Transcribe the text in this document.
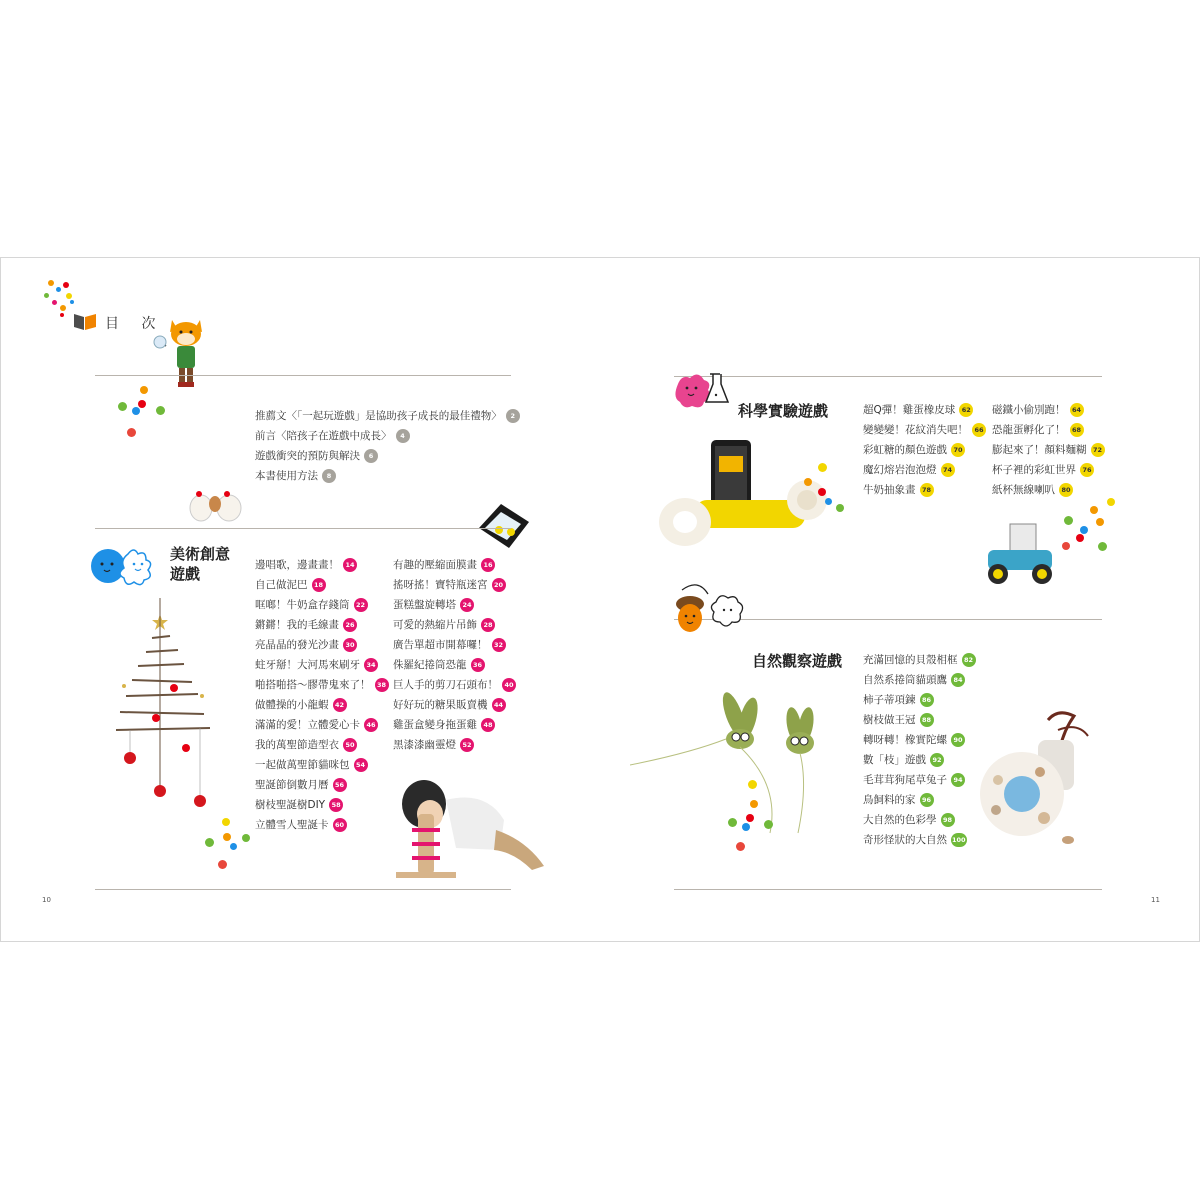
目 次
推薦文〈「一起玩遊戲」是協助孩子成長的最佳禮物〉	2
前言〈陪孩子在遊戲中成長〉	4
遊戲衝突的預防與解決	6
本書使用方法	8
美術創意
遊戲
邊唱歌，邊畫畫！ 14
自己做泥巴 18
哐啷！牛奶盒存錢筒 22
鏘鏘！我的毛線畫 26
亮晶晶的發光沙畫 30
蛀牙掰！大河馬來刷牙 34
啪搭啪搭～膠帶鬼來了！ 38
做體操的小龍蝦 42
滿滿的愛！立體愛心卡 46
我的萬聖節造型衣 50
一起做萬聖節貓咪包 54
聖誕節倒數月曆 56
樹枝聖誕樹DIY 58
立體雪人聖誕卡 60
有趣的壓縮面膜畫 16
搖呀搖！寶特瓶迷宮 20
蛋糕盤旋轉塔 24
可愛的熱縮片吊飾 28
廣告單超市開幕囉！ 32
侏羅紀捲筒恐龍 36
巨人手的剪刀石頭布！ 40
好好玩的糖果販賣機 44
雞蛋盒變身拖蛋雞 48
黑漆漆幽靈燈 52
10
科學實驗遊戲	超Q彈！雞蛋橡皮球 62
變變變！花紋消失吧！ 66
彩虹糖的顏色遊戲 70
魔幻熔岩泡泡燈 74
牛奶抽象畫 78
磁鐵小偷別跑！ 64
恐龍蛋孵化了！ 68
膨起來了！顏料麵糊 72
杯子裡的彩虹世界 76
紙杯無線喇叭 80
自然觀察遊戲 充滿回憶的貝殼相框 82
自然系捲筒貓頭鷹 84
柿子蒂項鍊 86
樹枝做王冠 88
轉呀轉！橡實陀螺 90
數「枝」遊戲 92
毛茸茸狗尾草兔子 94
鳥飼料的家 96
大自然的色彩學 98
奇形怪狀的大自然 100
11
